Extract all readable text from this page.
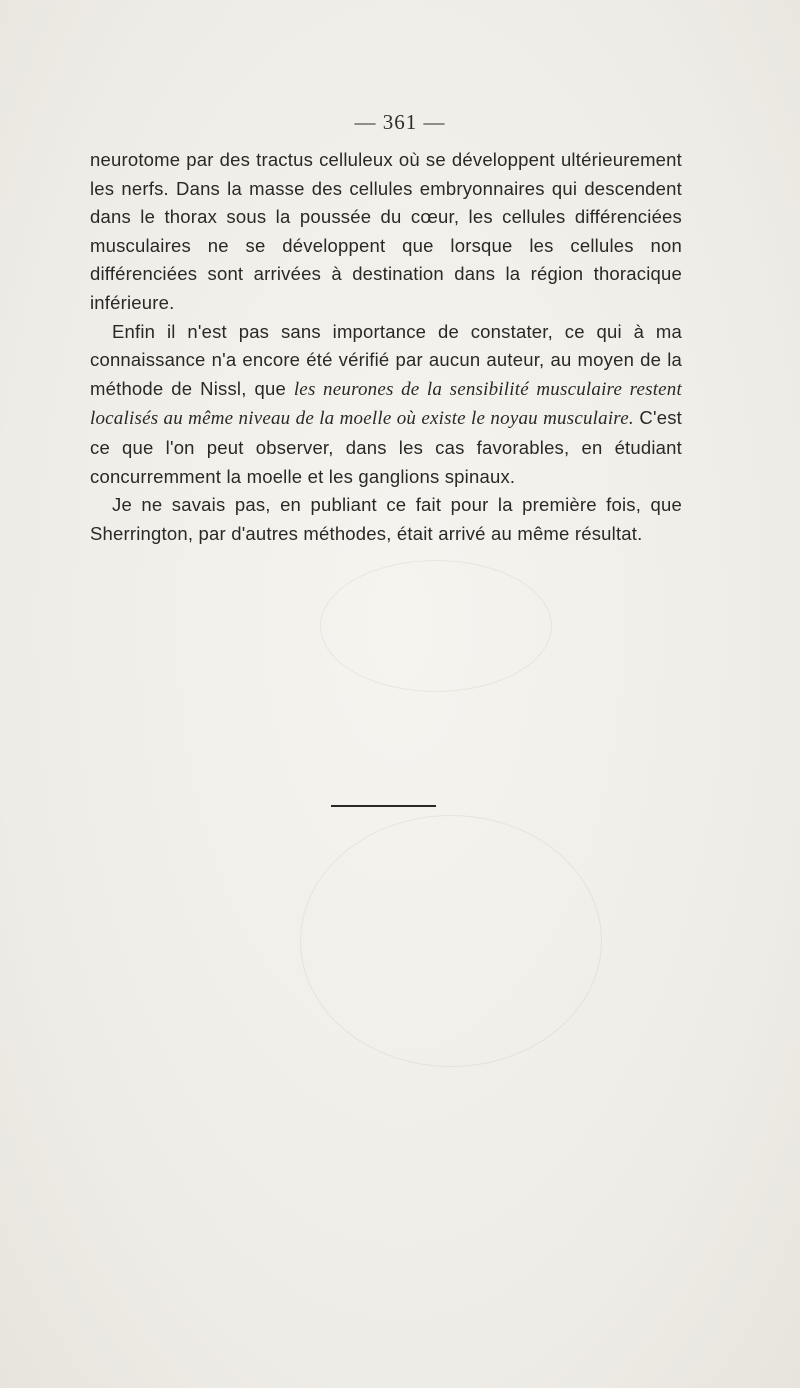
— 361 —

neurotome par des tractus celluleux où se développent ultérieurement les nerfs. Dans la masse des cellules embryonnaires qui descendent dans le thorax sous la poussée du cœur, les cellules différenciées musculaires ne se développent que lorsque les cellules non différenciées sont arrivées à destination dans la région thoracique inférieure.

Enfin il n'est pas sans importance de constater, ce qui à ma connaissance n'a encore été vérifié par aucun auteur, au moyen de la méthode de Nissl, que les neurones de la sensibilité musculaire restent localisés au même niveau de la moelle où existe le noyau musculaire. C'est ce que l'on peut observer, dans les cas favorables, en étudiant concurremment la moelle et les ganglions spinaux.

Je ne savais pas, en publiant ce fait pour la première fois, que Sherrington, par d'autres méthodes, était arrivé au même résultat.
